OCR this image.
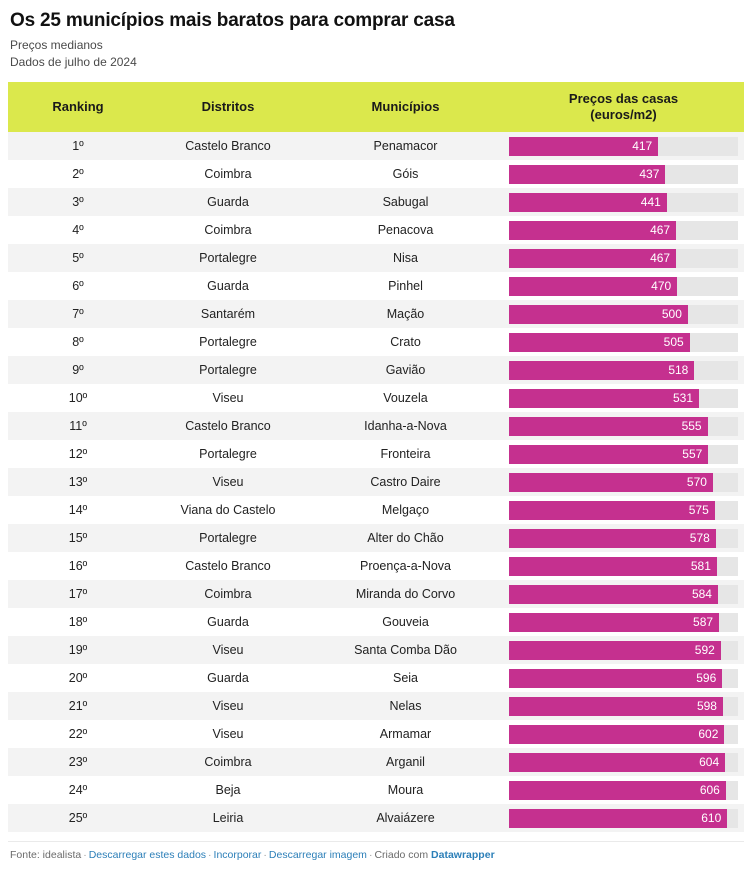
Os 25 municípios mais baratos para comprar casa
Preços medianos
Dados de julho de 2024
Ranking	Distritos	Municípios	Preços das casas
(euros/m2)
1º	Castelo Branco	Penamacor	417

2º	Coimbra	Góis	437

3º	Guarda	Sabugal	441

4º	Coimbra	Penacova	467

5º	Portalegre	Nisa	467

6º	Guarda	Pinhel	470

7º	Santarém	Mação	500

8º	Portalegre	Crato	505

9º	Portalegre	Gavião	518

10º	Viseu	Vouzela	531

11º	Castelo Branco	Idanha-a-Nova	555

12º	Portalegre	Fronteira	557

13º	Viseu	Castro Daire	570

14º	Viana do Castelo	Melgaço	575

15º	Portalegre	Alter do Chão	578

16º	Castelo Branco	Proença-a-Nova	581

17º	Coimbra	Miranda do Corvo	584

18º	Guarda	Gouveia	587

19º	Viseu	Santa Comba Dão	592

20º	Guarda	Seia	596

21º	Viseu	Nelas	598

22º	Viseu	Armamar	602

23º	Coimbra	Arganil	604

24º	Beja	Moura	606

25º	Leiria	Alvaiázere	610
Fonte: idealista · Descarregar estes dados · Incorporar · Descarregar imagem · Criado com Datawrapper
